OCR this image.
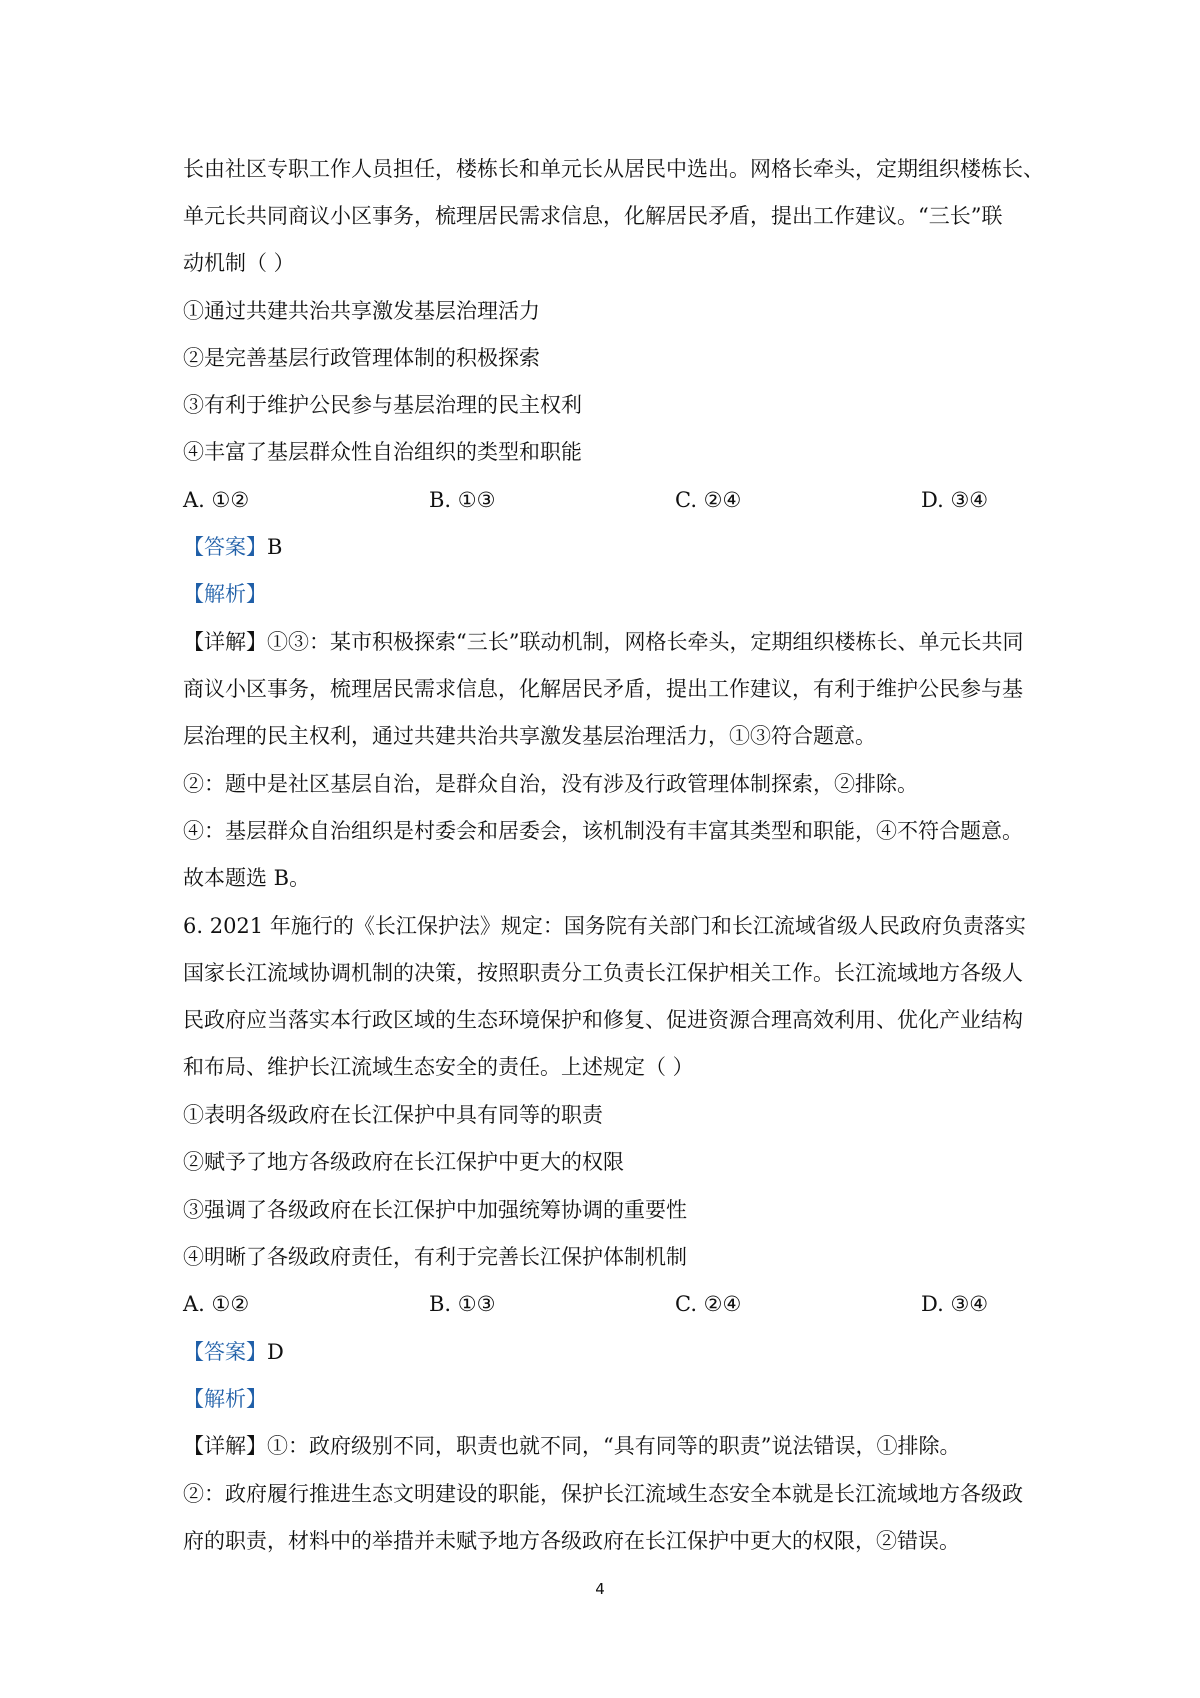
长由社区专职工作人员担任，楼栋长和单元长从居民中选出。网格长牵头，定期组织楼栋长、
单元长共同商议小区事务，梳理居民需求信息，化解居民矛盾，提出工作建议。“三长”联
动机制（ ）
①通过共建共治共享激发基层治理活力
②是完善基层行政管理体制的积极探索
③有利于维护公民参与基层治理的民主权利
④丰富了基层群众性自治组织的类型和职能
A. ①②	B. ①③	C. ②④	D. ③④
【答案】B
【解析】
【详解】①③：某市积极探索“三长”联动机制，网格长牵头，定期组织楼栋长、单元长共同
商议小区事务，梳理居民需求信息，化解居民矛盾，提出工作建议，有利于维护公民参与基
层治理的民主权利，通过共建共治共享激发基层治理活力，①③符合题意。
②：题中是社区基层自治，是群众自治，没有涉及行政管理体制探索，②排除。
④：基层群众自治组织是村委会和居委会，该机制没有丰富其类型和职能，④不符合题意。
故本题选 B。
6. 2021 年施行的《长江保护法》规定：国务院有关部门和长江流域省级人民政府负责落实
国家长江流域协调机制的决策，按照职责分工负责长江保护相关工作。长江流域地方各级人
民政府应当落实本行政区域的生态环境保护和修复、促进资源合理高效利用、优化产业结构
和布局、维护长江流域生态安全的责任。上述规定（ ）
①表明各级政府在长江保护中具有同等的职责
②赋予了地方各级政府在长江保护中更大的权限
③强调了各级政府在长江保护中加强统筹协调的重要性
④明晰了各级政府责任，有利于完善长江保护体制机制
A. ①②	B. ①③	C. ②④	D. ③④
【答案】D
【解析】
【详解】①：政府级别不同，职责也就不同，“具有同等的职责”说法错误，①排除。
②：政府履行推进生态文明建设的职能，保护长江流域生态安全本就是长江流域地方各级政
府的职责，材料中的举措并未赋予地方各级政府在长江保护中更大的权限，②错误。
4
